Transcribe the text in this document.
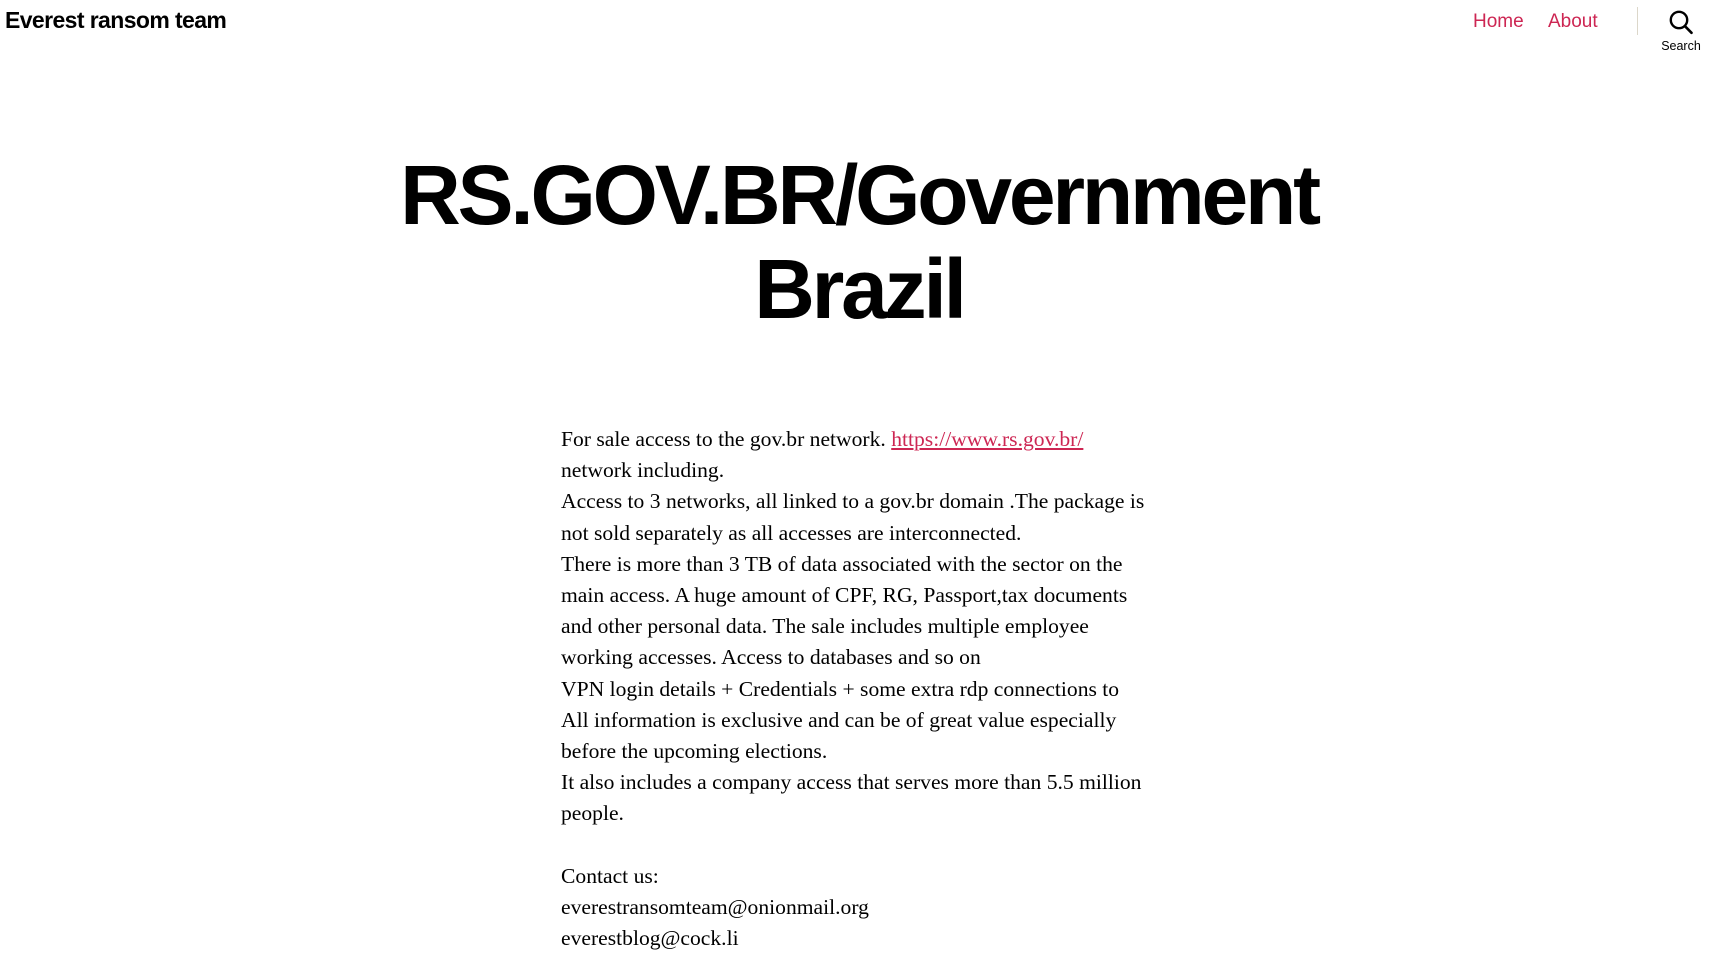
Everest ransom team	Home About
Search
RS.GOV.BR/Government
Brazil

For sale access to the gov.br network. https://www.rs.gov.br/

network including.

Access to 3 networks, all linked to a gov.br domain .The package is

not sold separately as all accesses are interconnected.

There is more than 3 TB of data associated with the sector on the

main access. A huge amount of CPF, RG, Passport,tax documents

and other personal data. The sale includes multiple employee

working accesses. Access to databases and so on

VPN login details + Credentials + some extra rdp connections to

All information is exclusive and can be of great value especially

before the upcoming elections.

It also includes a company access that serves more than 5.5 million

people.

Contact us:

everestransomteam@onionmail.org

everestblog@cock.li
